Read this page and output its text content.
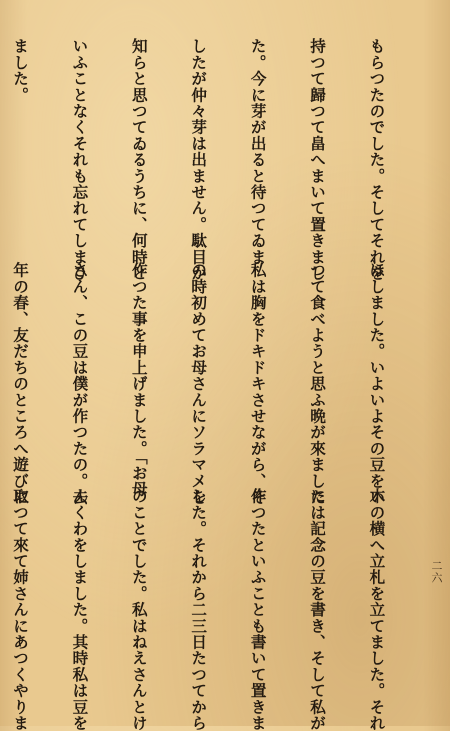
二六

もらつたのでした。そしてそれを

持つて歸つて畠へまいて置きまし

た。今に芽が出ると待つてゐま

したが仲々芽は出ません。駄目か

知らと思つてゐるうちに、何時と

いふことなくそれも忘れてしまひ

ました。

ほしました。いよいよその豆をい

つて食べようと思ふ晩が來ました

私は胸をドキドキさせながら、そ

の時初めてお母さんにソラマメを

作つた事を申上げました。「お母

さん、この豆は僕が作つたの。去

年の春、友だちのところへ遊びに

木の横へ立札を立てました。それ

には記念の豆を書き、そして私が

作つたといふことも書いて置きま

した。それから二三日たつてから

のことでした。私はねえさんとけ

んくわをしました。其時私は豆を

取つて來て姉さんにあつくやりま
